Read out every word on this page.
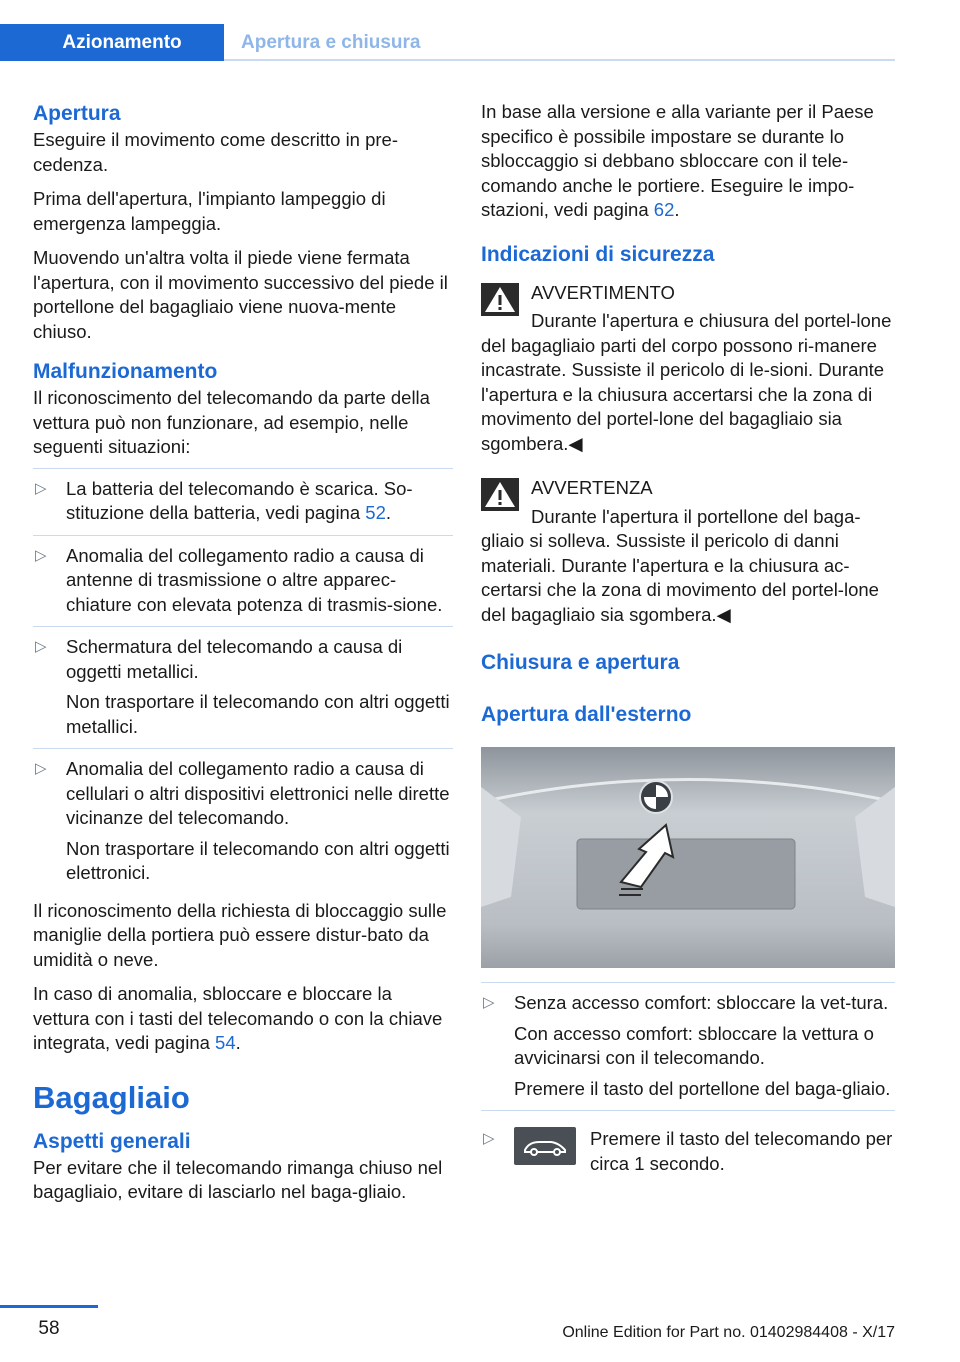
Azionamento	Apertura e chiusura
Apertura

Eseguire il movimento come descritto in pre‐cedenza.

Prima dell'apertura, l'impianto lampeggio di emergenza lampeggia.

Muovendo un'altra volta il piede viene fermata l'apertura, con il movimento successivo del piede il portellone del bagagliaio viene nuova‐mente chiuso.

Malfunzionamento

Il riconoscimento del telecomando da parte della vettura può non funzionare, ad esempio, nelle seguenti situazioni:

▷ La batteria del telecomando è scarica. So‐stituzione della batteria, vedi pagina 52.

▷ Anomalia del collegamento radio a causa di antenne di trasmissione o altre apparec‐chiature con elevata potenza di trasmis‐sione.

▷ Schermatura del telecomando a causa di oggetti metallici.

Non trasportare il telecomando con altri oggetti metallici.

▷ Anomalia del collegamento radio a causa di cellulari o altri dispositivi elettronici nelle dirette vicinanze del telecomando.

Non trasportare il telecomando con altri oggetti elettronici.

Il riconoscimento della richiesta di bloccaggio sulle maniglie della portiera può essere distur‐bato da umidità o neve.

In caso di anomalia, sbloccare e bloccare la vettura con i tasti del telecomando o con la chiave integrata, vedi pagina 54.

Bagagliaio
Aspetti generali

Per evitare che il telecomando rimanga chiuso nel bagagliaio, evitare di lasciarlo nel baga‐gliaio.

In base alla versione e alla variante per il Paese specifico è possibile impostare se durante lo sbloccaggio si debbano sbloccare con il tele‐comando anche le portiere. Eseguire le impo‐stazioni, vedi pagina 62.

Indicazioni di sicurezza

AVVERTIMENTO

Durante l'apertura e chiusura del portel‐lone del bagagliaio parti del corpo possono ri‐manere incastrate. Sussiste il pericolo di le‐sioni. Durante l'apertura e la chiusura accertarsi che la zona di movimento del portel‐lone del bagagliaio sia sgombera.◀

AVVERTENZA

Durante l'apertura il portellone del baga‐gliaio si solleva. Sussiste il pericolo di danni materiali. Durante l'apertura e la chiusura ac‐certarsi che la zona di movimento del portel‐lone del bagagliaio sia sgombera.◀

Chiusura e apertura
Apertura dall'esterno
▷ Senza accesso comfort: sbloccare la vet‐tura.

Con accesso comfort: sbloccare la vettura o avvicinarsi con il telecomando.

Premere il tasto del portellone del baga‐gliaio.

▷	Premere il tasto del telecomando per circa 1 secondo.

58	Online Edition for Part no. 01402984408 - X/17
